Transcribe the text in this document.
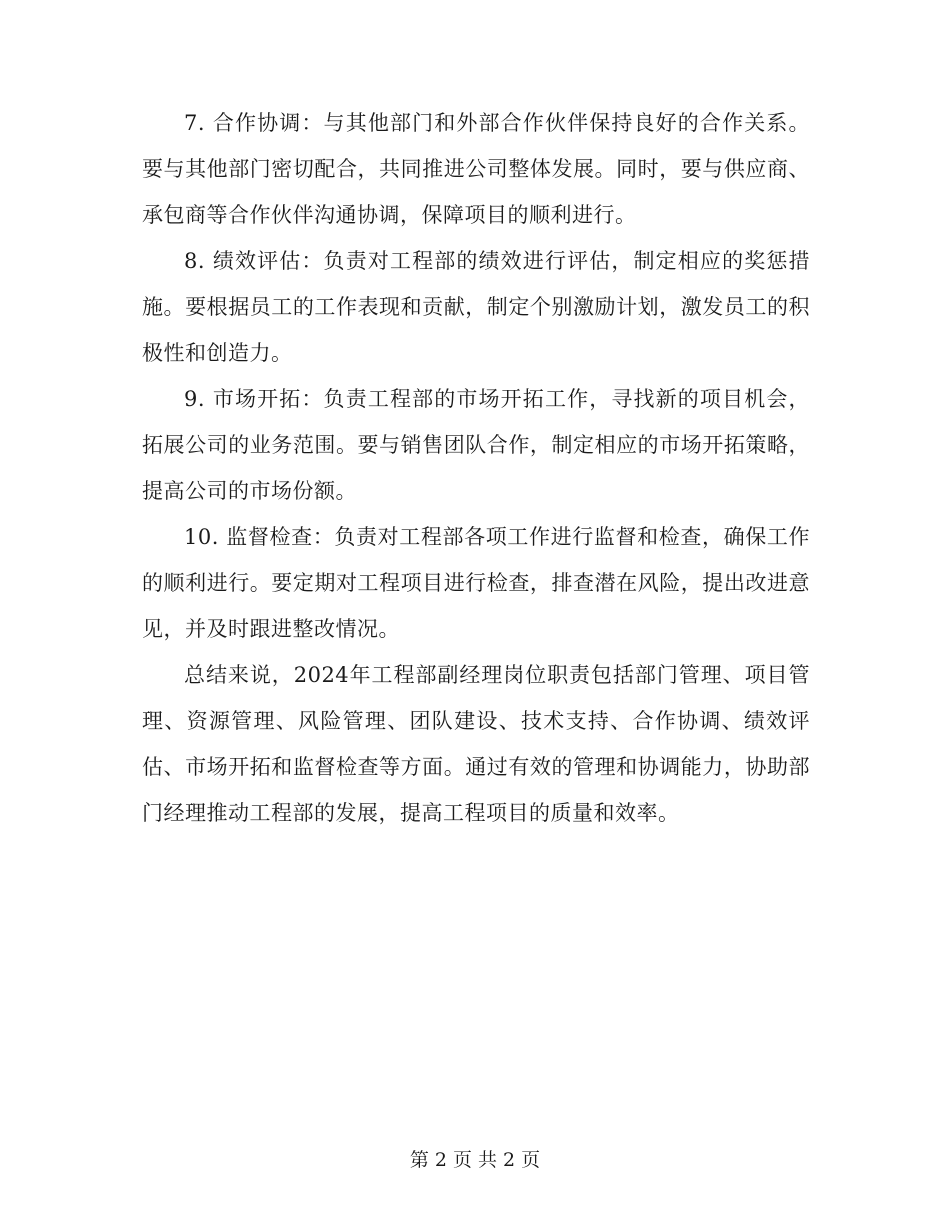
7. 合作协调：与其他部门和外部合作伙伴保持良好的合作关系。要与其他部门密切配合，共同推进公司整体发展。同时，要与供应商、承包商等合作伙伴沟通协调，保障项目的顺利进行。

8. 绩效评估：负责对工程部的绩效进行评估，制定相应的奖惩措施。要根据员工的工作表现和贡献，制定个别激励计划，激发员工的积极性和创造力。

9. 市场开拓：负责工程部的市场开拓工作，寻找新的项目机会，拓展公司的业务范围。要与销售团队合作，制定相应的市场开拓策略，提高公司的市场份额。

10. 监督检查：负责对工程部各项工作进行监督和检查，确保工作的顺利进行。要定期对工程项目进行检查，排查潜在风险，提出改进意见，并及时跟进整改情况。

总结来说，2024年工程部副经理岗位职责包括部门管理、项目管理、资源管理、风险管理、团队建设、技术支持、合作协调、绩效评估、市场开拓和监督检查等方面。通过有效的管理和协调能力，协助部门经理推动工程部的发展，提高工程项目的质量和效率。

第 2 页 共 2 页
